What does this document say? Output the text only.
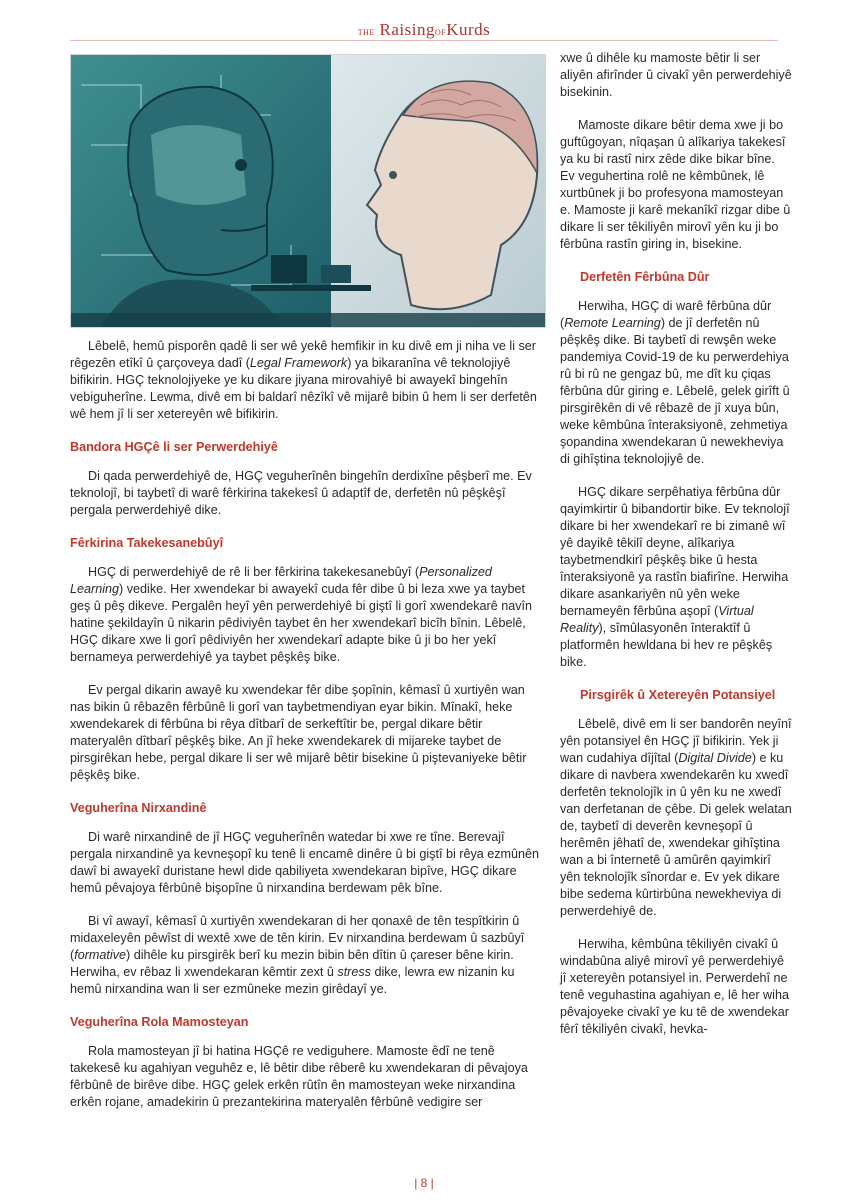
THE RaisingOFKurds

Lêbelê, hemû pisporên qadê li ser wê yekê hemfikir in ku divê em ji niha ve li ser rêgezên etîkî û çarçoveya dadî (Legal Framework) ya bikaranîna vê teknolojiyê bifikirin. HGÇ teknolojiyeke ye ku dikare jiyana mirovahiyê bi awayekî bingehîn vebiguherîne. Lewma, divê em bi baldarî nêzîkî vê mijarê bibin û hem li ser derfetên wê hem jî li ser xetereyên wê bifikirin.

Bandora HGÇê li ser Perwerdehiyê

Di qada perwerdehiyê de, HGÇ veguherînên bingehîn derdixîne pêşberî me. Ev teknolojî, bi taybetî di warê fêrkirina takekesî û adaptîf de, derfetên nû pêşkêşî pergala perwerdehiyê dike.

Fêrkirina Takekesanebûyî

HGÇ di perwerdehiyê de rê li ber fêrkirina takekesanebûyî (Personalized Learning) vedike. Her xwendekar bi awayekî cuda fêr dibe û bi leza xwe ya taybet geş û pêş dikeve. Pergalên heyî yên perwerdehiyê bi giştî li gorî xwendekarê navîn hatine şekildayîn û nikarin pêdiviyên taybet ên her xwendekarî bicîh bînin. Lêbelê, HGÇ dikare xwe li gorî pêdiviyên her xwendekarî adapte bike û ji bo her yekî bernameya perwerdehiyê ya taybet pêşkêş bike.

Ev pergal dikarin awayê ku xwendekar fêr dibe şopînin, kêmasî û xurtiyên wan nas bikin û rêbazên fêrbûnê li gorî van taybetmendiyan eyar bikin. Mînakî, heke xwendekarek di fêrbûna bi rêya dîtbarî de serkeftîtir be, pergal dikare bêtir materyalên dîtbarî pêşkêş bike. An jî heke xwendekarek di mijareke taybet de pirsgirêkan hebe, pergal dikare li ser wê mijarê bêtir bisekine û piştevaniyeke bêtir pêşkêş bike.

Veguherîna Nirxandinê

Di warê nirxandinê de jî HGÇ veguherînên watedar bi xwe re tîne. Berevajî pergala nirxandinê ya kevneşopî ku tenê li encamê dinêre û bi giştî bi rêya ezmûnên dawî bi awayekî duristane hewl dide qabiliyeta xwendekaran bipîve, HGÇ dikare hemû pêvajoya fêrbûnê bişopîne û nirxandina berdewam pêk bîne.

Bi vî awayî, kêmasî û xurtiyên xwendekaran di her qonaxê de tên tespîtkirin û midaxeleyên pêwîst di wextê xwe de tên kirin. Ev nirxandina berdewam û sazbûyî (formative) dihêle ku pirsgirêk berî ku mezin bibin bên dîtin û çareser bêne kirin. Herwiha, ev rêbaz li xwendekaran kêmtir zext û stress dike, lewra ew nizanin ku hemû nirxandina wan li ser ezmûneke mezin girêdayî ye.

Veguherîna Rola Mamosteyan

Rola mamosteyan jî bi hatina HGÇê re vediguhere. Mamoste êdî ne tenê takekesê ku agahiyan veguhêz e, lê bêtir dibe rêberê ku xwendekaran di pêvajoya fêrbûnê de birêve dibe. HGÇ gelek erkên rûtîn ên mamosteyan weke nirxandina erkên rojane, amadekirin û prezantekirina materyalên fêrbûnê vedigire ser

xwe û dihêle ku mamoste bêtir li ser aliyên afirînder û civakî yên perwerdehiyê bisekinin.

Mamoste dikare bêtir dema xwe ji bo guftûgoyan, nîqaşan û alîkariya takekesî ya ku bi rastî nirx zêde dike bikar bîne. Ev veguhertina rolê ne kêmbûnek, lê xurtbûnek ji bo profesyona mamosteyan e. Mamoste ji karê mekanîkî rizgar dibe û dikare li ser têkiliyên mirovî yên ku ji bo fêrbûna rastîn giring in, bisekine.

Derfetên Fêrbûna Dûr

Herwiha, HGÇ di warê fêrbûna dûr (Remote Learning) de jî derfetên nû pêşkêş dike. Bi taybetî di rewşên weke pandemiya Covid-19 de ku perwerdehiya rû bi rû ne gengaz bû, me dît ku çiqas fêrbûna dûr giring e. Lêbelê, gelek girîft û pirsgirêkên di vê rêbazê de jî xuya bûn, weke kêmbûna înteraksiyonê, zehmetiya şopandina xwendekaran û newekheviya di gihîştina teknolojiyê de.

HGÇ dikare serpêhatiya fêrbûna dûr qayimkirtir û bibandortir bike. Ev teknolojî dikare bi her xwendekarî re bi zimanê wî yê dayikê têkilî deyne, alîkariya taybetmendkirî pêşkêş bike û hesta înteraksiyonê ya rastîn biafirîne. Herwiha dikare asankariyên nû yên weke bernameyên fêrbûna aşopî (Virtual Reality), sîmûlasyonên înteraktîf û platformên hewldana bi hev re pêşkêş bike.

Pirsgirêk û Xetereyên Potansiyel

Lêbelê, divê em li ser bandorên neyînî yên potansiyel ên HGÇ jî bifikirin. Yek ji wan cudahiya dîjîtal (Digital Divide) e ku dikare di navbera xwendekarên ku xwedî derfetên teknolojîk in û yên ku ne xwedî van derfetanan de çêbe. Di gelek welatan de, taybetî di deverên kevneşopî û herêmên jêhatî de, xwendekar gihîştina wan a bi înternetê û amûrên qayimkirî yên teknolojîk sînordar e. Ev yek dikare bibe sedema kûrtirbûna newekheviya di perwerdehiyê de.

Herwiha, kêmbûna têkiliyên civakî û windabûna aliyê mirovî yê perwerdehiyê jî xetereyên potansiyel in. Perwerdehî ne tenê veguhastina agahiyan e, lê her wiha pêvajoyeke civakî ye ku tê de xwendekar fêrî têkiliyên civakî, hevka-

| 8 |
